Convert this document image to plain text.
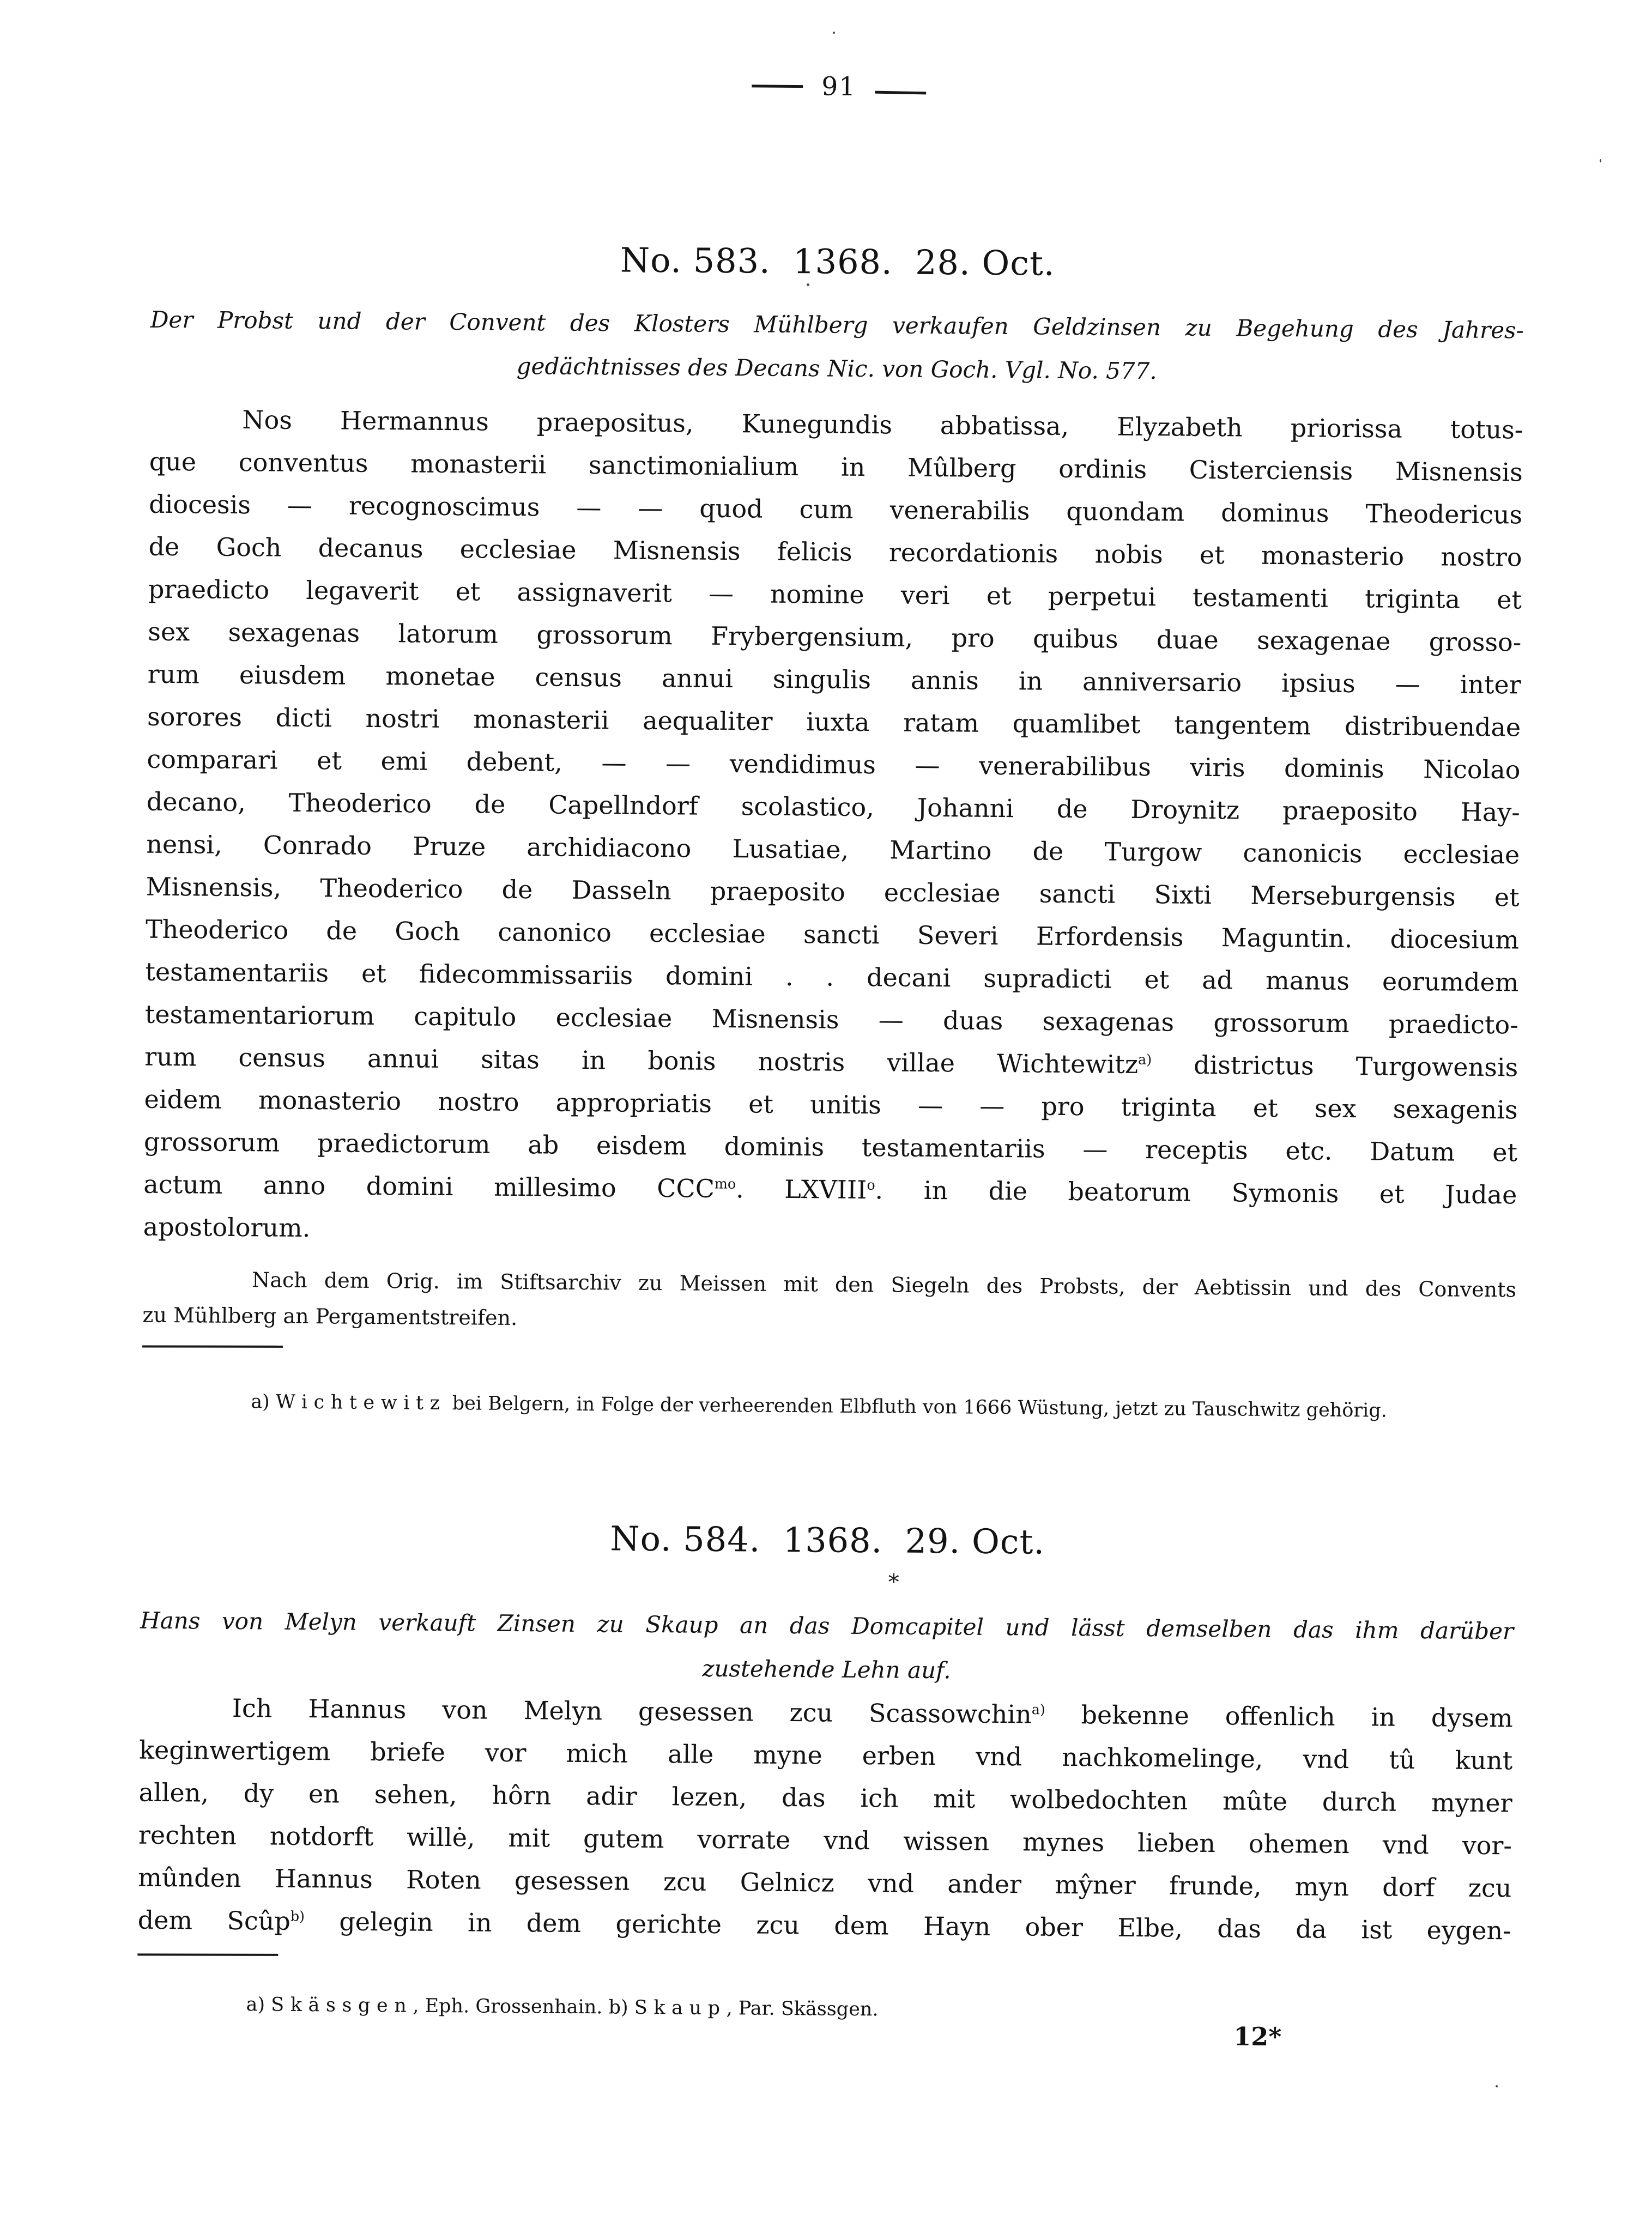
91
No. 583.  1368.  28. Oct.
Der Probst und der Convent des Klosters Mühlberg verkaufen Geldzinsen zu Begehung des Jahres-
gedächtnisses des Decans Nic. von Goch. Vgl. No. 577.
Nos Hermannus praepositus, Kunegundis abbatissa, Elyzabeth priorissa totus-
que conventus monasterii sanctimonialium in Mûlberg ordinis Cisterciensis Misnensis
diocesis — recognoscimus — — quod cum venerabilis quondam dominus Theodericus
de Goch decanus ecclesiae Misnensis felicis recordationis nobis et monasterio nostro
praedicto legaverit et assignaverit — nomine veri et perpetui testamenti triginta et
sex sexagenas latorum grossorum Frybergensium, pro quibus duae sexagenae grosso-
rum eiusdem monetae census annui singulis annis in anniversario ipsius — inter
sorores dicti nostri monasterii aequaliter iuxta ratam quamlibet tangentem distribuendae
comparari et emi debent, — — vendidimus — venerabilibus viris dominis Nicolao
decano, Theoderico de Capellndorf scolastico, Johanni de Droynitz praeposito Hay-
nensi, Conrado Pruze archidiacono Lusatiae, Martino de Turgow canonicis ecclesiae
Misnensis, Theoderico de Dasseln praeposito ecclesiae sancti Sixti Merseburgensis et
Theoderico de Goch canonico ecclesiae sancti Severi Erfordensis Maguntin. diocesium
testamentariis et fidecommissariis domini . . decani supradicti et ad manus eorumdem
testamentariorum capitulo ecclesiae Misnensis — duas sexagenas grossorum praedicto-
rum census annui sitas in bonis nostris villae Wichtewitz$^{a)}$ districtus Turgowensis
eidem monasterio nostro appropriatis et unitis — — pro triginta et sex sexagenis
grossorum praedictorum ab eisdem dominis testamentariis — receptis etc. Datum et
actum anno domini millesimo $CCC^{mo}$. LXVIII$^o$. in die beatorum Symonis et Judae
apostolorum.
Nach dem Orig. im Stiftsarchiv zu Meissen mit den Siegeln des Probsts, der Aebtissin und des Convents
zu Mühlberg an Pergamentstreifen.
a) Wichtewitz bei Belgern, in Folge der verheerenden Elbfluth von 1666 Wüstung, jetzt zu Tauschwitz gehörig.
No. 584.  1368.  29. Oct.
Hans von Melyn verkauft Zinsen zu Skaup an das Domcapitel und lässt demselben das ihm darüber
zustehende Lehn auf.
Ich Hannus von Melyn gesessen zcu Scassowchin$^{a)}$ bekenne offenlich in dysem
keginwertigem briefe vor mich alle myne erben vnd nachkomelinge, vnd tû kunt
allen, dy en sehen, hôrn adir lezen, das ich mit wolbedochten mûte durch myner
rechten notdorft willė, mit gutem vorrate vnd wissen mynes lieben ohemen vnd vor-
mûnden Hannus Roten gesessen zcu Gelnicz vnd ander mŷner frunde, myn dorf zcu
dem Scûp$^{b)}$ gelegin in dem gerichte zcu dem Hayn ober Elbe, das da ist eygen-
a) Skässgen, Eph. Grossenhain. b) Skaup, Par. Skässgen.
*
12*
